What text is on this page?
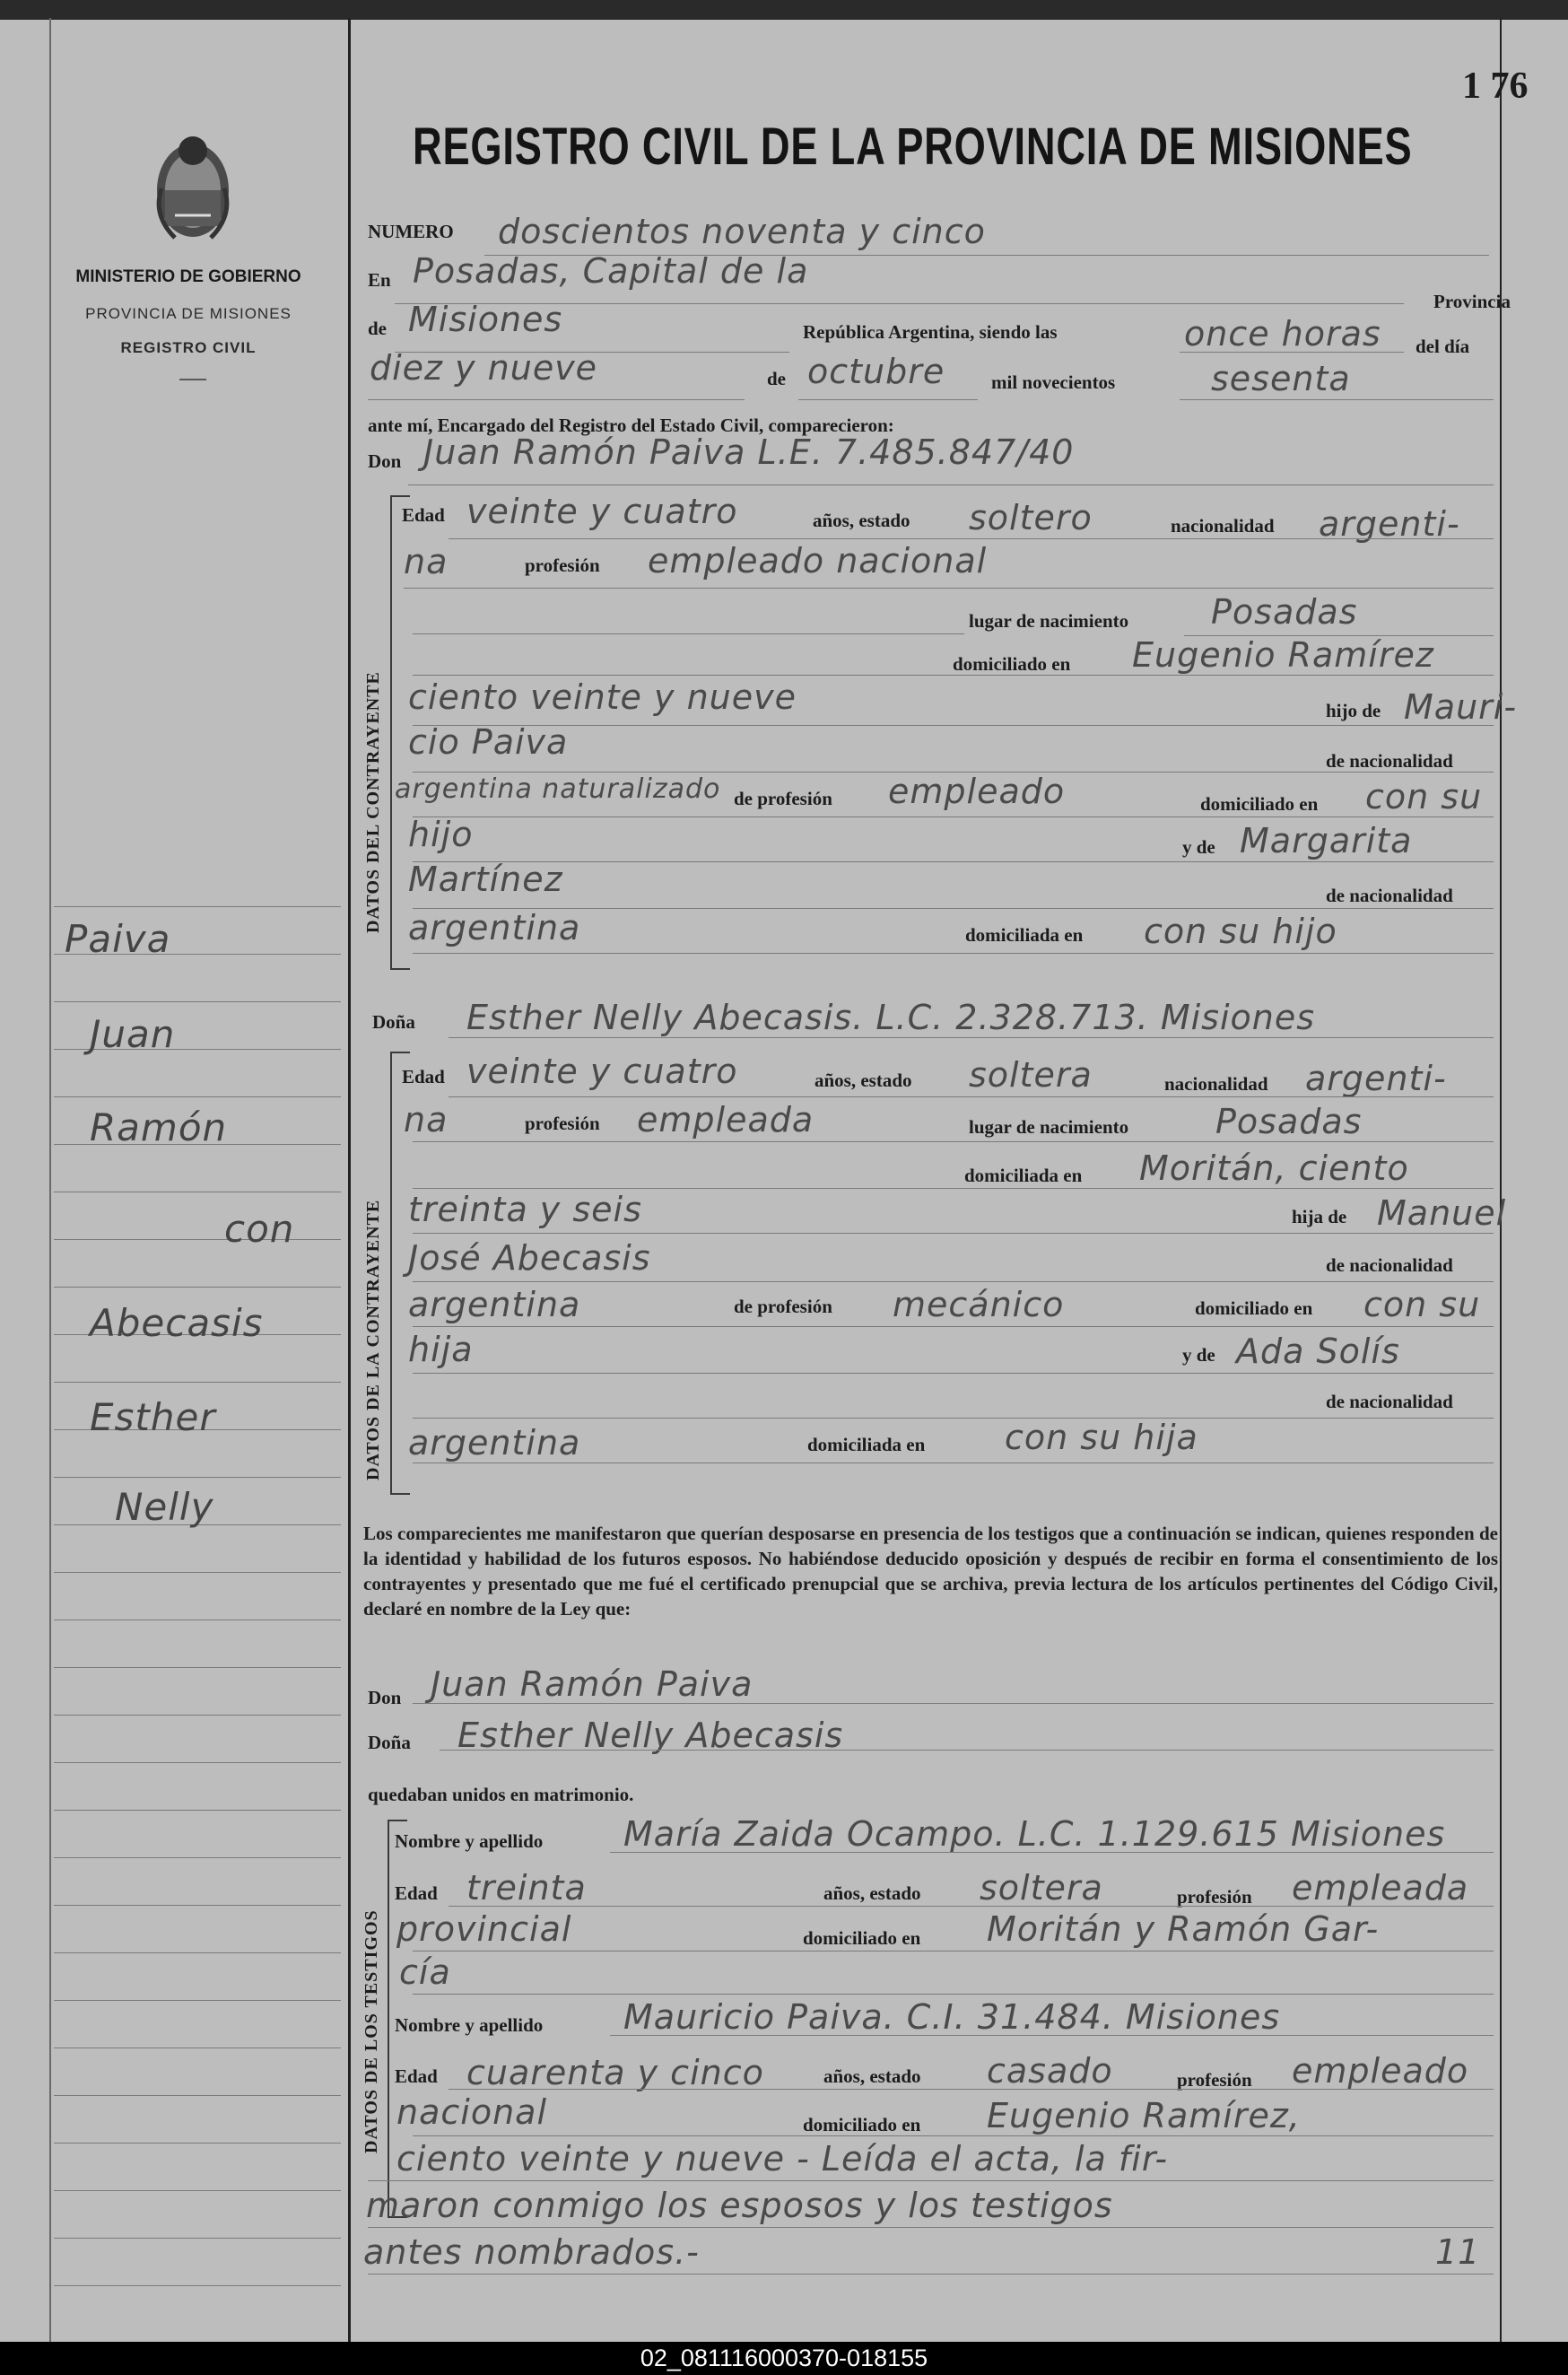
MINISTERIO DE GOBIERNO
PROVINCIA DE MISIONES
REGISTRO CIVIL
Paiva
Juan
Ramón
con
Abecasis
Esther
Nelly
1 76
REGISTRO CIVIL DE LA PROVINCIA DE MISIONES
NUMERO doscientos noventa y cinco
En Posadas, Capital de la
Provincia
de Misiones	República Argentina, siendo las	once horas del día
diez y nueve	de octubre mil novecientos	sesenta
ante mí, Encargado del Registro del Estado Civil, comparecieron:
Don Juan Ramón Paiva L.E. 7.485.847/40
DATOS DEL CONTRAYENTE
Edad veinte y cuatro	años, estado soltero	nacionalidad argenti-
na	profesión empleado nacional
lugar de nacimiento Posadas
domiciliado en Eugenio Ramírez
ciento veinte y nueve	hijo de Mauri-
cio Paiva	de nacionalidad
argentina naturalizado de profesión empleado	domiciliado en con su
hijo	y de Margarita
Martínez	de nacionalidad
argentina	domiciliada en con su hijo
Doña Esther Nelly Abecasis. L.C. 2.328.713. Misiones
DATOS DE LA CONTRAYENTE
Edad veinte y cuatro	años, estado soltera	nacionalidad argenti-
na	profesión empleada	lugar de nacimiento	Posadas
domiciliada en Moritán, ciento
treinta y seis	hija de Manuel
José Abecasis	de nacionalidad
argentina	de profesión mecánico	domiciliado en con su
hija	y de Ada Solís
de nacionalidad
argentina	domiciliada en con su hija
Los comparecientes me manifestaron que querían desposarse en presencia de los testigos que a continuación se indican, quienes responden de la identidad y habilidad de los futuros esposos. No habiéndose deducido oposición y después de recibir en forma el consentimiento de los contrayentes y presentado que me fué el certificado prenupcial que se archiva, previa lectura de los artículos pertinentes del Código Civil, declaré en nombre de la Ley que:
Don Juan Ramón Paiva
Doña Esther Nelly Abecasis
quedaban unidos en matrimonio.
DATOS DE LOS TESTIGOS
Nombre y apellido María Zaida Ocampo. L.C. 1.129.615 Misiones
Edad treinta	años, estado soltera	profesión empleada
provincial	domiciliado en Moritán y Ramón Gar-
cía
Nombre y apellido Mauricio Paiva. C.I. 31.484. Misiones
Edad cuarenta y cinco	años, estado casado	profesión empleado
nacional	domiciliado en Eugenio Ramírez,
ciento veinte y nueve - Leída el acta, la fir-
maron conmigo los esposos y los testigos
antes nombrados.-	11
02_081116000370-018155
